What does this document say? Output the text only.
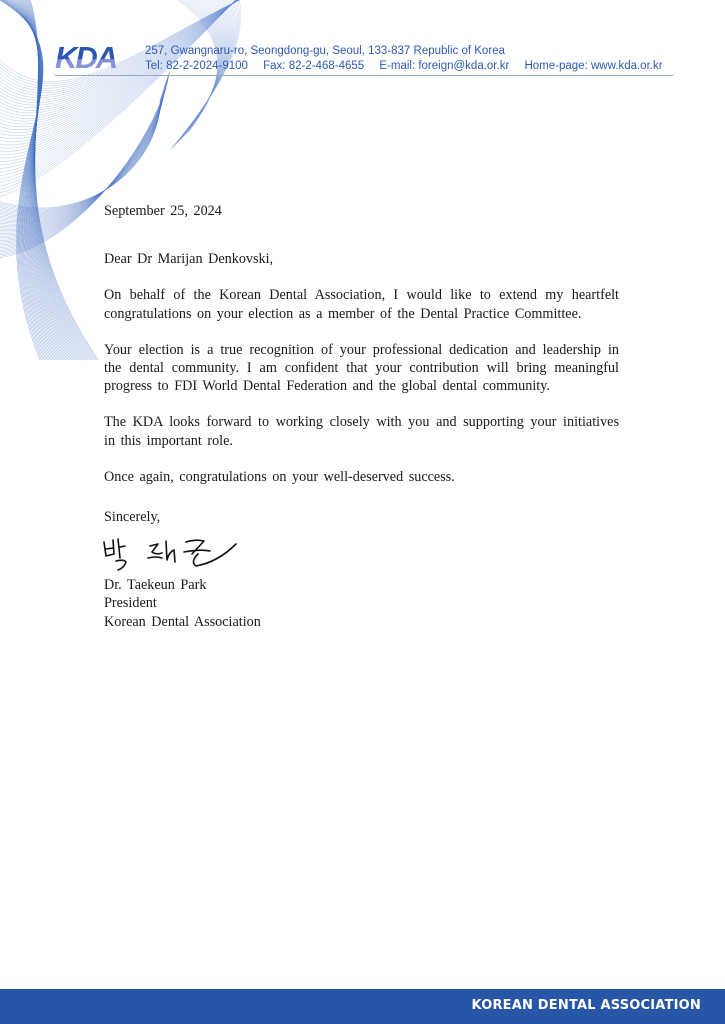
KDA	257, Gwangnaru-ro, Seongdong-gu, Seoul, 133-837 Republic of Korea
Tel: 82-2-2024-9100 Fax: 82-2-468-4655 E-mail: foreign@kda.or.kr Home-page: www.kda.or.kr

September 25, 2024

Dear Dr Marijan Denkovski,

On behalf of the Korean Dental Association, I would like to extend my heartfelt congratulations on your election as a member of the Dental Practice Committee.

Your election is a true recognition of your professional dedication and leadership in the dental community. I am confident that your contribution will bring meaningful progress to FDI World Dental Federation and the global dental community.

The KDA looks forward to working closely with you and supporting your initiatives in this important role.

Once again, congratulations on your well-deserved success.

Sincerely,

Dr. Taekeun Park

President

Korean Dental Association

KOREAN DENTAL ASSOCIATION
